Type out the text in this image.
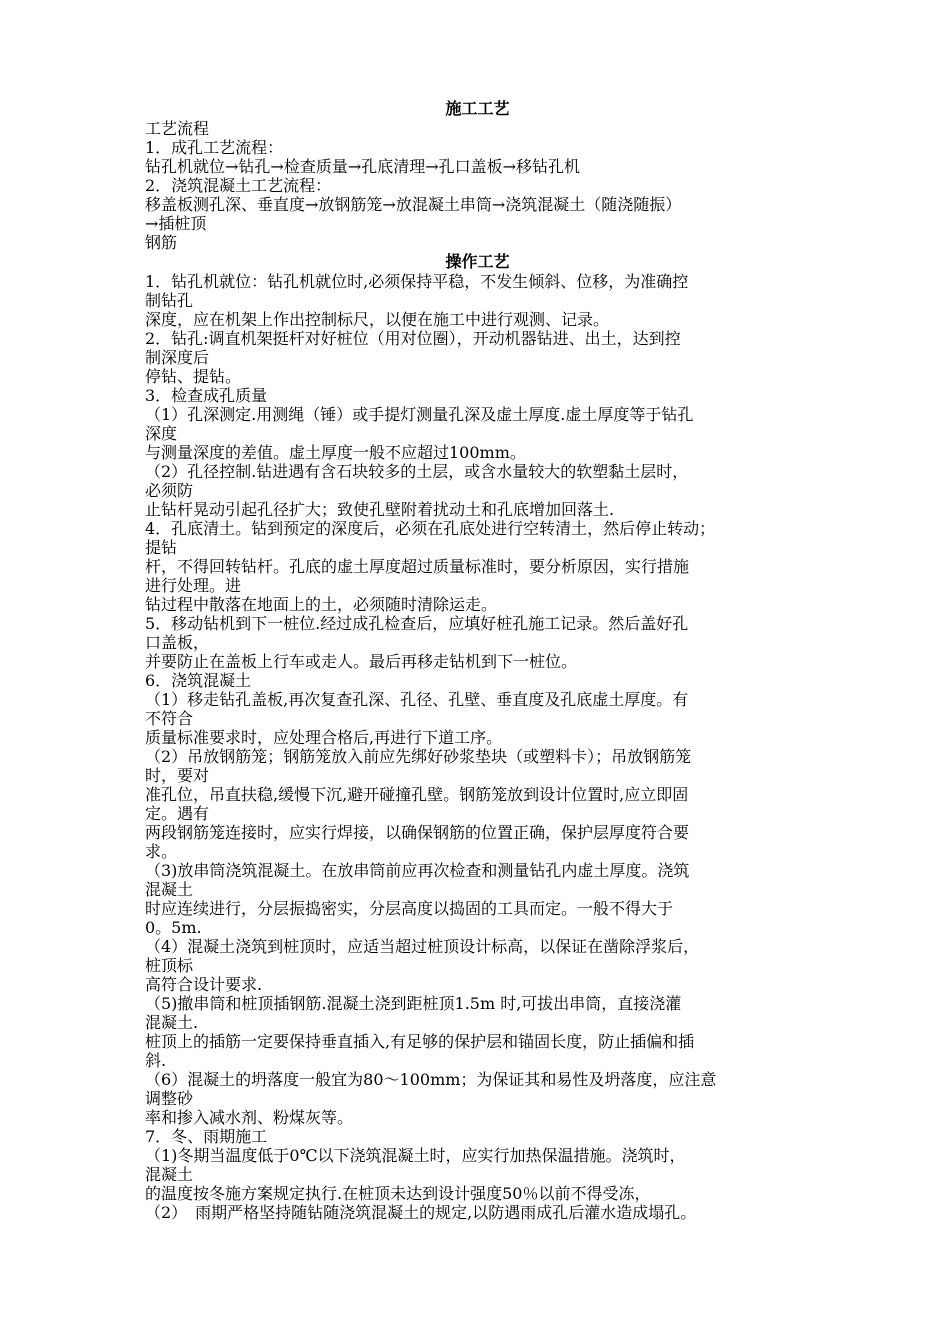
施工工艺
工艺流程
1．成孔工艺流程：
钻孔机就位→钻孔→检查质量→孔底清理→孔口盖板→移钻孔机
2．浇筑混凝土工艺流程：
移盖板测孔深、垂直度→放钢筋笼→放混凝土串筒→浇筑混凝土（随浇随振）
→插桩顶
钢筋
操作工艺
1．钻孔机就位：钻孔机就位时,必须保持平稳，不发生倾斜、位移，为准确控
制钻孔
深度，应在机架上作出控制标尺，以便在施工中进行观测、记录。
2．钻孔:调直机架挺杆对好桩位（用对位圈），开动机器钻进、出土，达到控
制深度后
停钻、提钻。
3．检查成孔质量
（1）孔深测定.用测绳（锤）或手提灯测量孔深及虚土厚度.虚土厚度等于钻孔
深度
与测量深度的差值。虚土厚度一般不应超过100mm。
（2）孔径控制.钻进遇有含石块较多的土层，或含水量较大的软塑黏土层时，
必须防
止钻杆晃动引起孔径扩大；致使孔壁附着扰动土和孔底增加回落土.
4．孔底清土。钻到预定的深度后，必须在孔底处进行空转清土，然后停止转动；
提钻
杆，不得回转钻杆。孔底的虚土厚度超过质量标准时，要分析原因，实行措施
进行处理。进
钻过程中散落在地面上的土，必须随时清除运走。
5．移动钻机到下一桩位.经过成孔检查后，应填好桩孔施工记录。然后盖好孔
口盖板，
并要防止在盖板上行车或走人。最后再移走钻机到下一桩位。
6．浇筑混凝土
（1）移走钻孔盖板,再次复查孔深、孔径、孔壁、垂直度及孔底虚土厚度。有
不符合
质量标准要求时，应处理合格后,再进行下道工序。
（2）吊放钢筋笼；钢筋笼放入前应先绑好砂浆垫块（或塑料卡）；吊放钢筋笼
时，要对
准孔位，吊直扶稳,缓慢下沉,避开碰撞孔壁。钢筋笼放到设计位置时,应立即固
定。遇有
两段钢筋笼连接时，应实行焊接，以确保钢筋的位置正确，保护层厚度符合要
求。
（3)放串筒浇筑混凝土。在放串筒前应再次检查和测量钻孔内虚土厚度。浇筑
混凝土
时应连续进行，分层振捣密实，分层高度以捣固的工具而定。一般不得大于
0。5m.
（4）混凝土浇筑到桩顶时，应适当超过桩顶设计标高，以保证在凿除浮浆后，
桩顶标
高符合设计要求.
（5)撤串筒和桩顶插钢筋.混凝土浇到距桩顶1.5m 时,可拔出串筒，直接浇灌
混凝土.
桩顶上的插筋一定要保持垂直插入,有足够的保护层和锚固长度，防止插偏和插
斜.
（6）混凝土的坍落度一般宜为80～100mm；为保证其和易性及坍落度，应注意
调整砂
率和掺入减水剂、粉煤灰等。
7．冬、雨期施工
（1)冬期当温度低于0℃以下浇筑混凝土时，应实行加热保温措施。浇筑时，
混凝土
的温度按冬施方案规定执行.在桩顶未达到设计强度50％以前不得受冻，
（2）　雨期严格坚持随钻随浇筑混凝土的规定,以防遇雨成孔后灌水造成塌孔。
